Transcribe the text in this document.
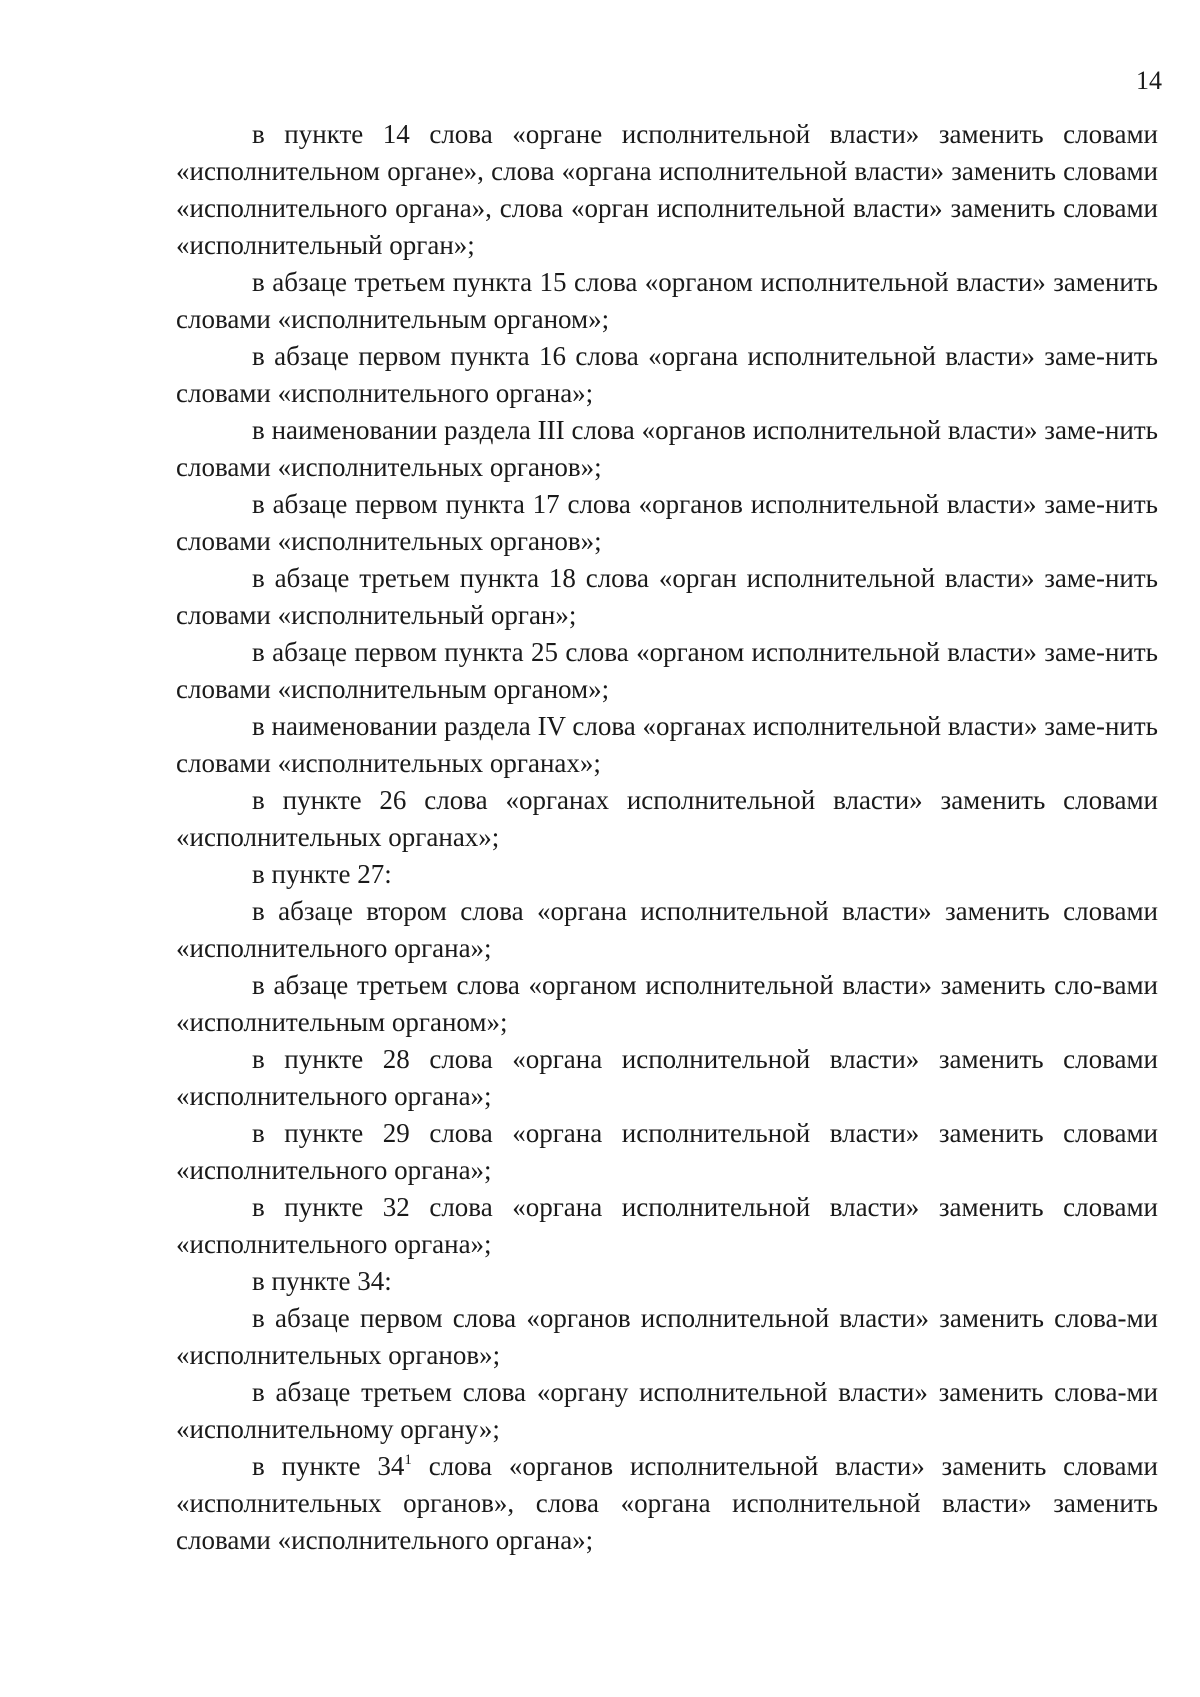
14

в пункте 14 слова «органе исполнительной власти» заменить словами «исполнительном органе», слова «органа исполнительной власти» заменить словами «исполнительного органа», слова «орган исполнительной власти» заменить словами «исполнительный орган»;

в абзаце третьем пункта 15 слова «органом исполнительной власти» заменить словами «исполнительным органом»;

в абзаце первом пункта 16 слова «органа исполнительной власти» заме-нить словами «исполнительного органа»;

в наименовании раздела III слова «органов исполнительной власти» заме-нить словами «исполнительных органов»;

в абзаце первом пункта 17 слова «органов исполнительной власти» заме-нить словами «исполнительных органов»;

в абзаце третьем пункта 18 слова «орган исполнительной власти» заме-нить словами «исполнительный орган»;

в абзаце первом пункта 25 слова «органом исполнительной власти» заме-нить словами «исполнительным органом»;

в наименовании раздела IV слова «органах исполнительной власти» заме-нить словами «исполнительных органах»;

в пункте 26 слова «органах исполнительной власти» заменить словами «исполнительных органах»;

в пункте 27:

в абзаце втором слова «органа исполнительной власти» заменить словами «исполнительного органа»;

в абзаце третьем слова «органом исполнительной власти» заменить сло-вами «исполнительным органом»;

в пункте 28 слова «органа исполнительной власти» заменить словами «исполнительного органа»;

в пункте 29 слова «органа исполнительной власти» заменить словами «исполнительного органа»;

в пункте 32 слова «органа исполнительной власти» заменить словами «исполнительного органа»;

в пункте 34:

в абзаце первом слова «органов исполнительной власти» заменить слова-ми «исполнительных органов»;

в абзаце третьем слова «органу исполнительной власти» заменить слова-ми «исполнительному органу»;

в пункте $34^1$ слова «органов исполнительной власти» заменить словами «исполнительных органов», слова «органа исполнительной власти» заменить словами «исполнительного органа»;
